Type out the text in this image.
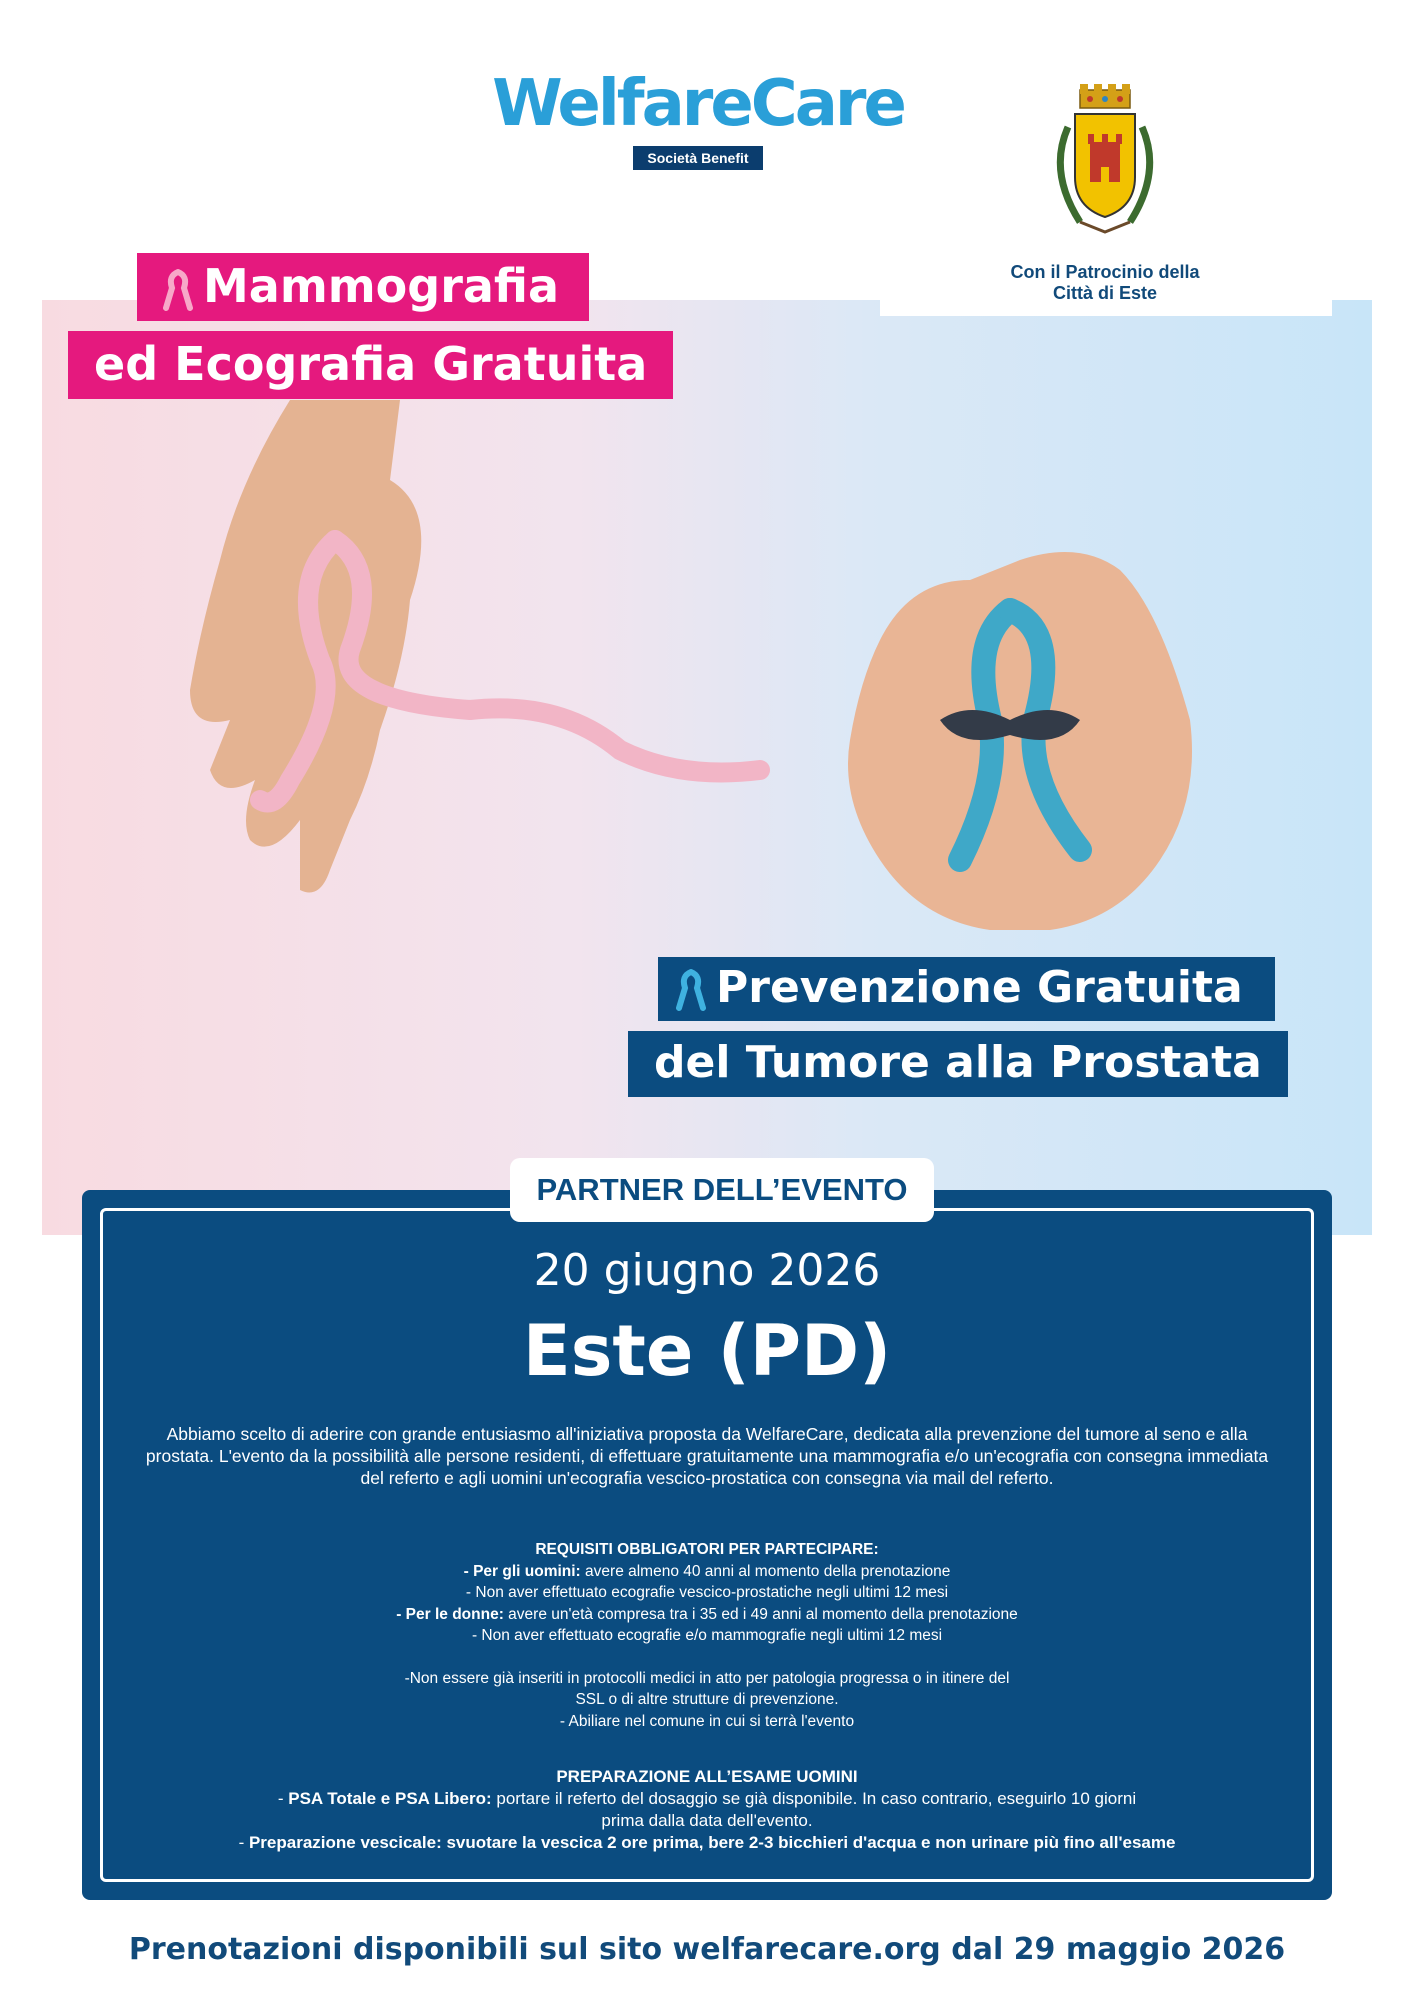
WelfareCare
Società Benefit
Con il Patrocinio della
Città di Este
Mammografia
ed Ecografia Gratuita
Prevenzione Gratuita
del Tumore alla Prostata
PARTNER DELL’EVENTO
20 giugno 2026
Este (PD)
Abbiamo scelto di aderire con grande entusiasmo all'iniziativa proposta da WelfareCare, dedicata alla prevenzione del tumore al seno e alla prostata. L'evento da la possibilità alle persone residenti, di effettuare gratuitamente una mammografia e/o un'ecografia con consegna immediata del referto e agli uomini un'ecografia vescico-prostatica con consegna via mail del referto.
REQUISITI OBBLIGATORI PER PARTECIPARE:
- Per gli uomini: avere almeno 40 anni al momento della prenotazione
- Non aver effettuato ecografie vescico-prostatiche negli ultimi 12 mesi
- Per le donne: avere un'età compresa tra i 35 ed i 49 anni al momento della prenotazione
- Non aver effettuato ecografie e/o mammografie negli ultimi 12 mesi
-Non essere già inseriti in protocolli medici in atto per patologia progressa o in itinere del SSL o di altre strutture di prevenzione.
- Abiliare nel comune in cui si terrà l'evento
PREPARAZIONE ALL’ESAME UOMINI
- PSA Totale e PSA Libero: portare il referto del dosaggio se già disponibile. In caso contrario, eseguirlo 10 giorni prima dalla data dell'evento.
- Preparazione vescicale: svuotare la vescica 2 ore prima, bere 2-3 bicchieri d'acqua e non urinare più fino all'esame
Prenotazioni disponibili sul sito welfarecare.org dal 29 maggio 2026
